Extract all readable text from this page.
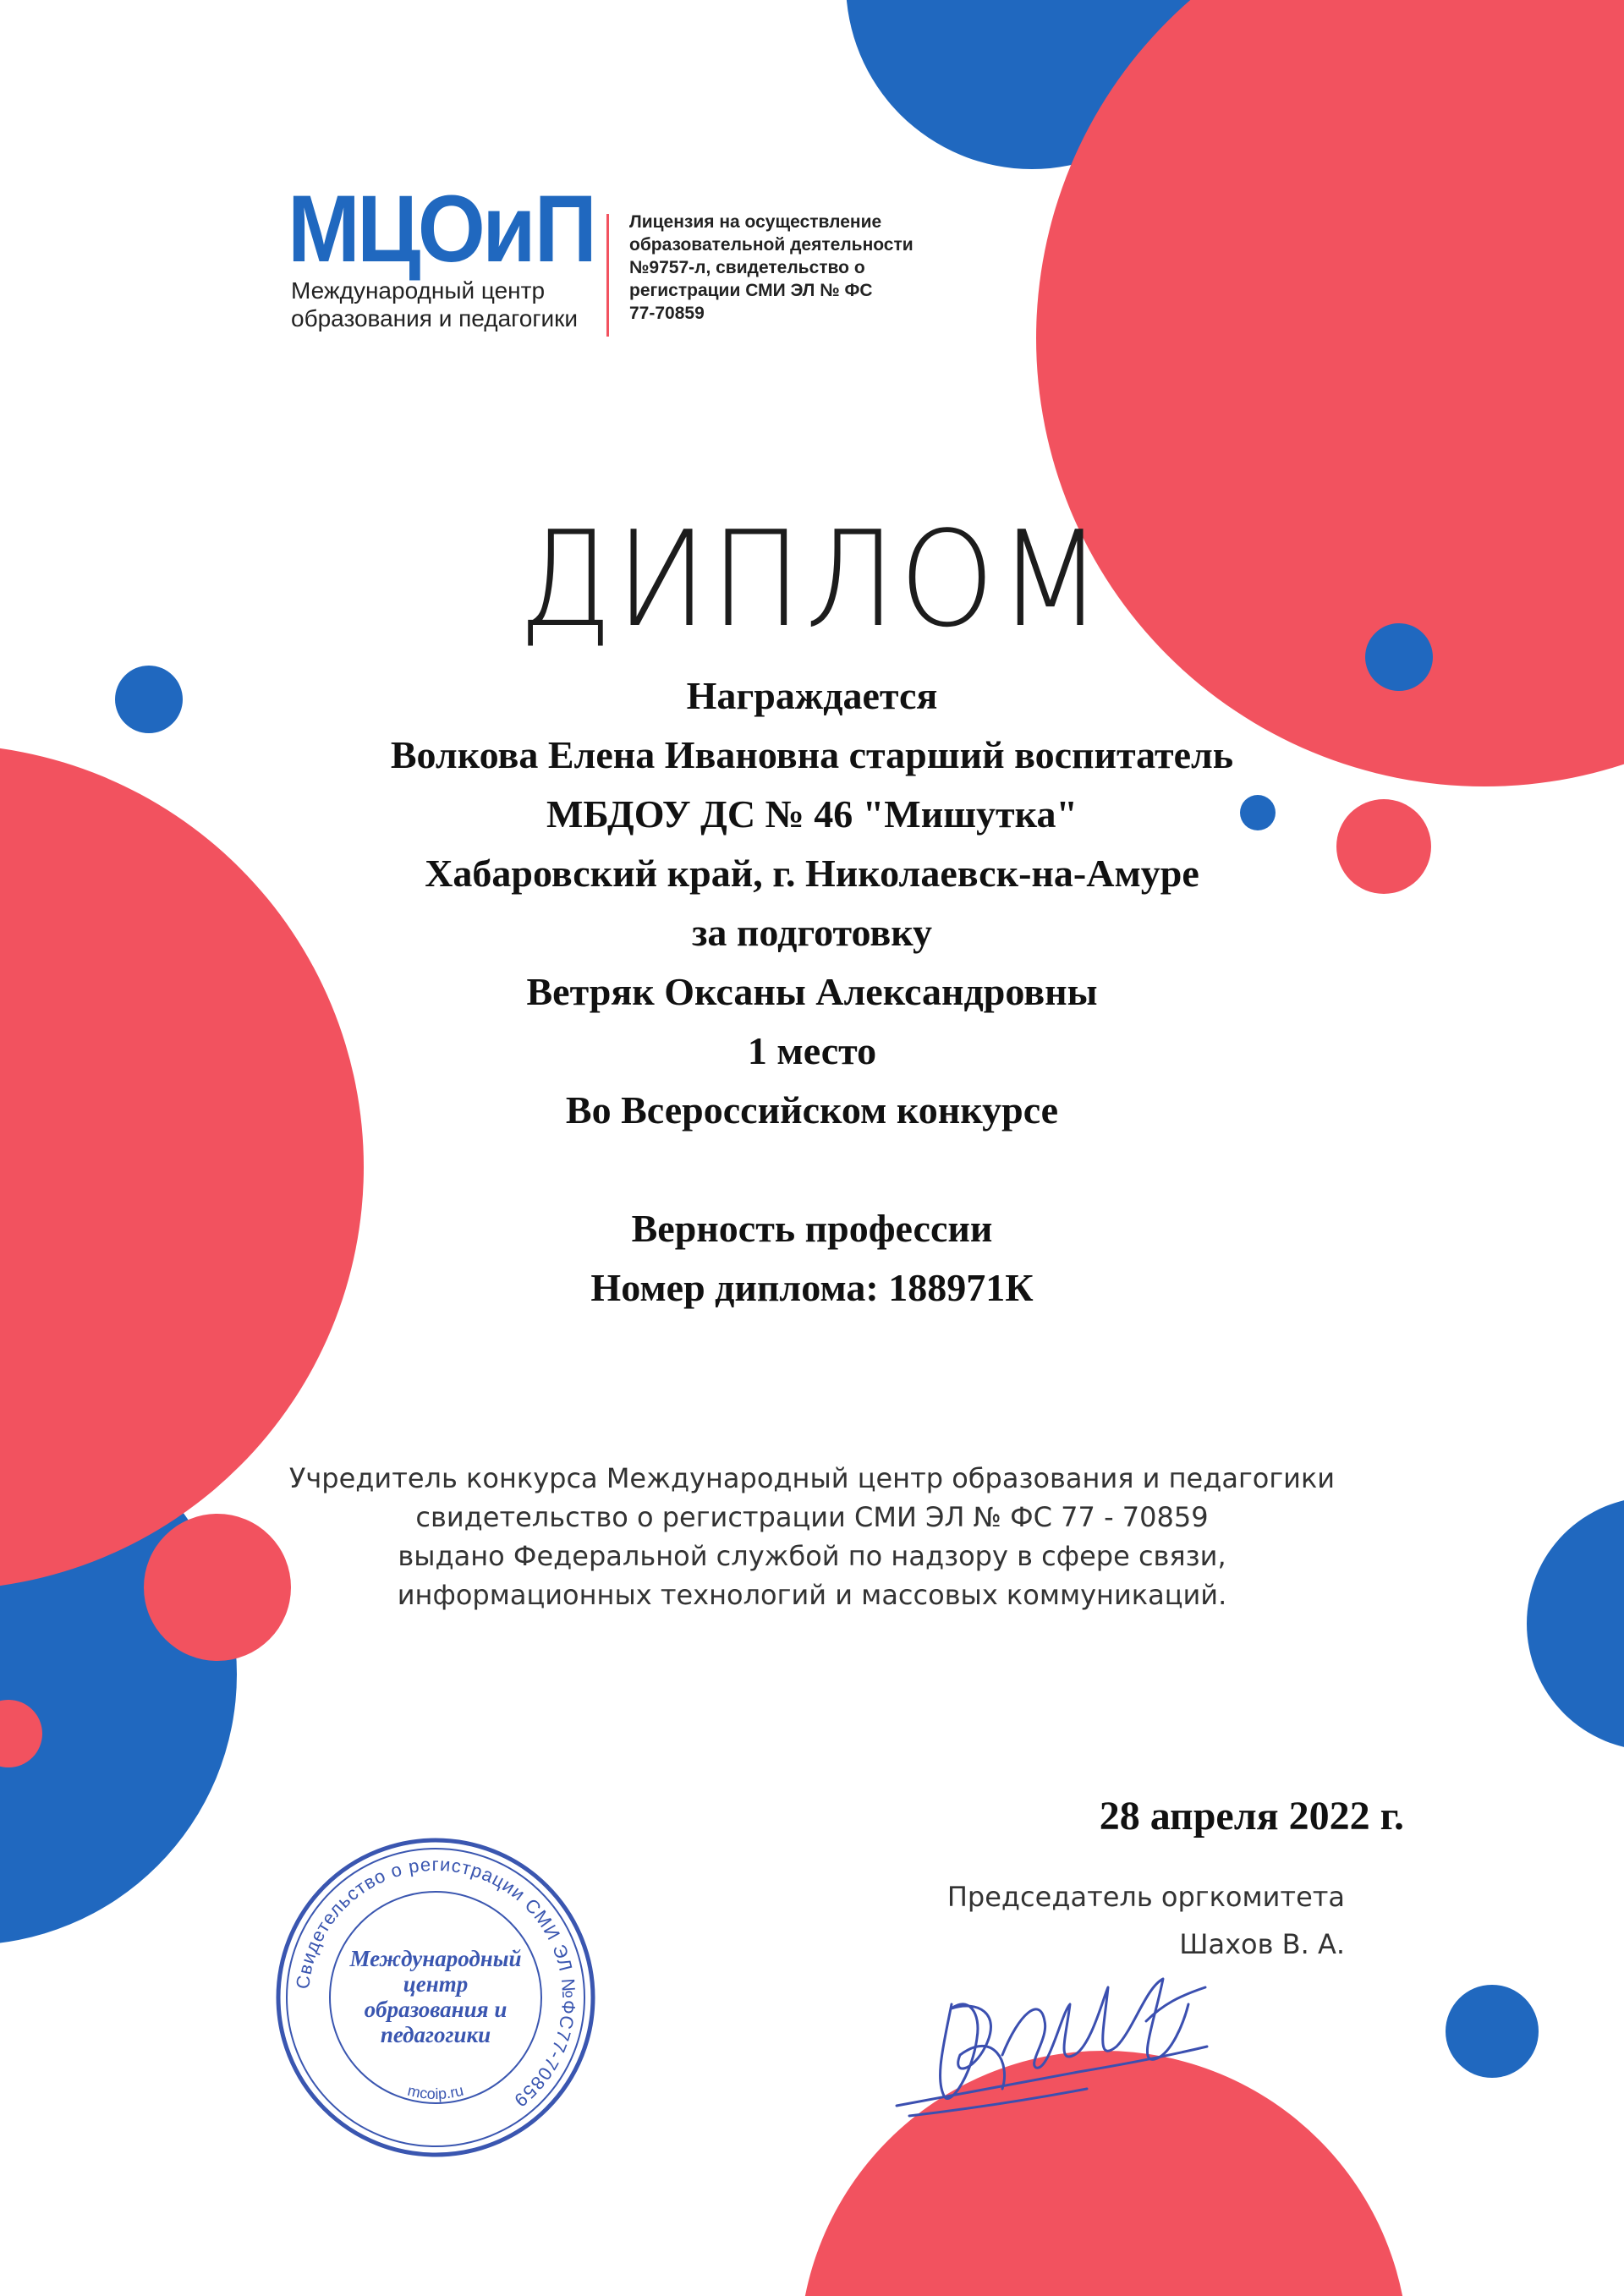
МЦОиП
Международный центр
образования и педагогики
Лицензия на осуществление
образовательной деятельности
№9757-л, свидетельство о
регистрации СМИ ЭЛ № ФС
77-70859
ДИПЛОМ
Награждается
Волкова Елена Ивановна старший воспитатель
МБДОУ ДС № 46 "Мишутка"
Хабаровский край, г. Николаевск-на-Амуре
за подготовку
Ветряк Оксаны Александровны
1 место
Во Всероссийском конкурсе
Верность профессии
Номер диплома: 188971К
Учредитель конкурса Международный центр образования и педагогики
свидетельство о регистрации СМИ ЭЛ № ФС 77 - 70859
выдано Федеральной службой по надзору в сфере связи,
информационных технологий и массовых коммуникаций.
28 апреля 2022 г.
Председатель оргкомитета
Шахов В. А.
Свидетельство о регистрации СМИ ЭЛ №ФС77-70859
mcoip.ru
Международный
центр
образования и
педагогики
